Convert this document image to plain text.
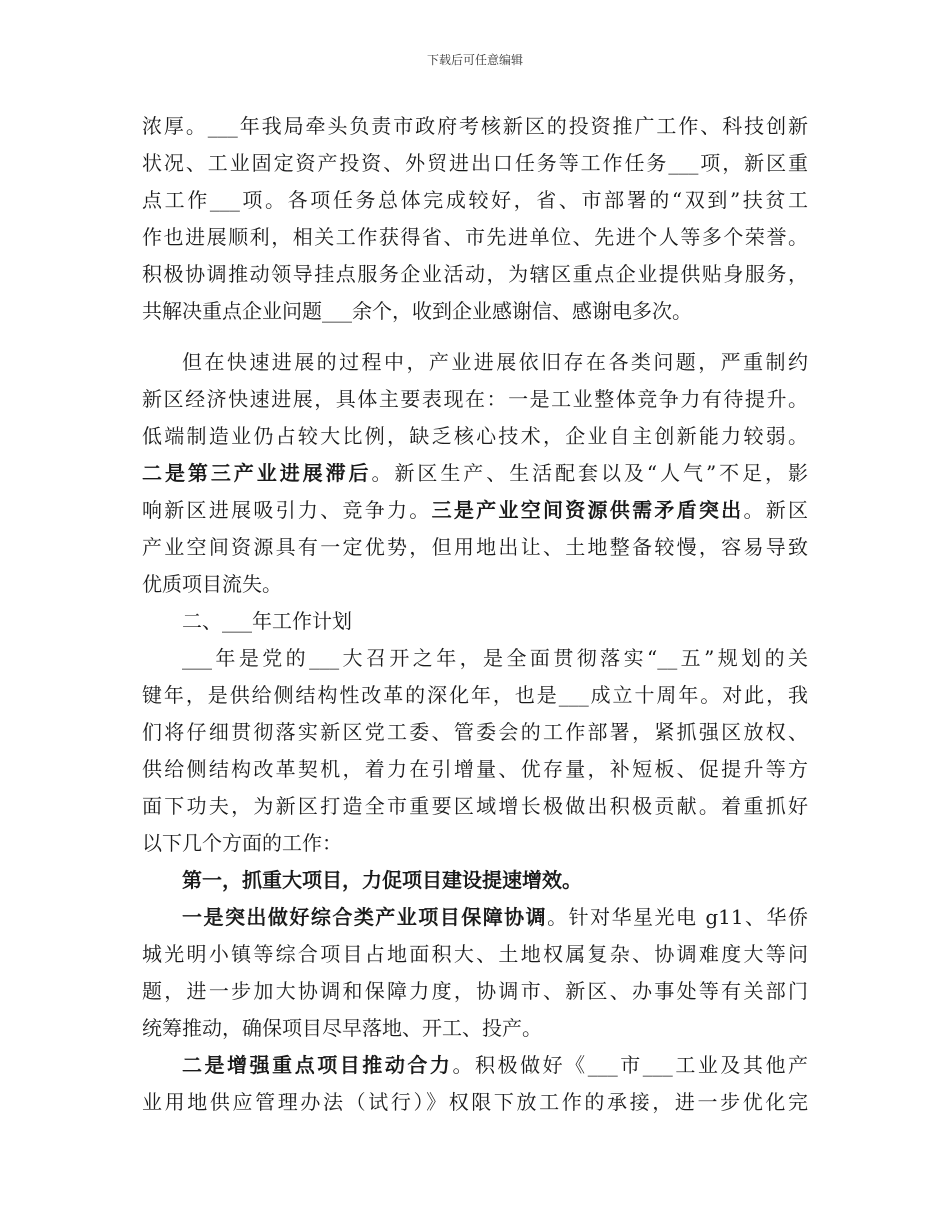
下载后可任意编辑
浓厚。___年我局牵头负责市政府考核新区的投资推广工作、科技创新
状况、工业固定资产投资、外贸进出口任务等工作任务___项，新区重
点工作___项。各项任务总体完成较好，省、市部署的“双到”扶贫工
作也进展顺利，相关工作获得省、市先进单位、先进个人等多个荣誉。
积极协调推动领导挂点服务企业活动，为辖区重点企业提供贴身服务，
共解决重点企业问题___余个，收到企业感谢信、感谢电多次。
但在快速进展的过程中，产业进展依旧存在各类问题，严重制约
新区经济快速进展，具体主要表现在：一是工业整体竞争力有待提升。
低端制造业仍占较大比例，缺乏核心技术，企业自主创新能力较弱。
二是第三产业进展滞后。新区生产、生活配套以及“人气”不足，影
响新区进展吸引力、竞争力。三是产业空间资源供需矛盾突出。新区
产业空间资源具有一定优势，但用地出让、土地整备较慢，容易导致
优质项目流失。
二、___年工作计划
___年是党的___大召开之年，是全面贯彻落实“__五”规划的关
键年，是供给侧结构性改革的深化年，也是___成立十周年。对此，我
们将仔细贯彻落实新区党工委、管委会的工作部署，紧抓强区放权、
供给侧结构改革契机，着力在引增量、优存量，补短板、促提升等方
面下功夫，为新区打造全市重要区域增长极做出积极贡献。着重抓好
以下几个方面的工作：
第一，抓重大项目，力促项目建设提速增效。
一是突出做好综合类产业项目保障协调。针对华星光电 g11、华侨
城光明小镇等综合项目占地面积大、土地权属复杂、协调难度大等问
题，进一步加大协调和保障力度，协调市、新区、办事处等有关部门
统筹推动，确保项目尽早落地、开工、投产。
二是增强重点项目推动合力。积极做好《___市___工业及其他产
业用地供应管理办法（试行）》权限下放工作的承接，进一步优化完
